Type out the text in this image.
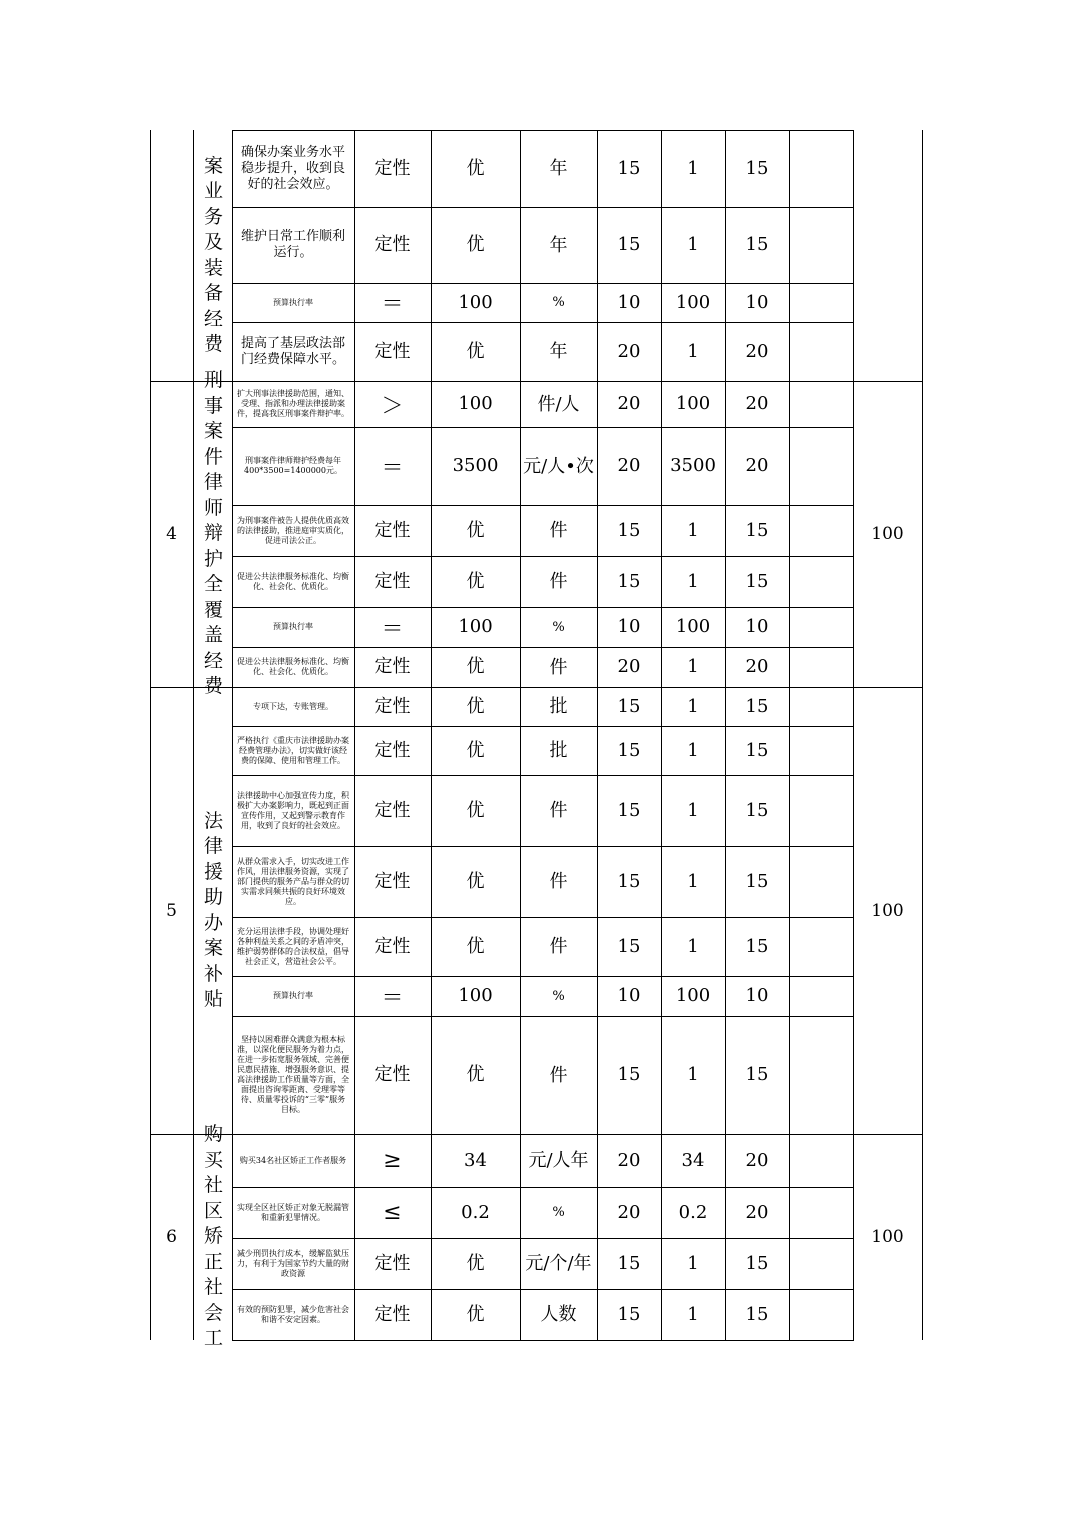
案业务及装备经费
确保办案业务水平稳步提升，收到良好的社会效应。
定性	优	年	15	1	15
维护日常工作顺利运行。	定性	优	年	15	1	15
预算执行率	＝	100	%	10 100 10
提高了基层政法部门经费保障水平。 定性	优	年	20	1	20
4
刑事案件律师辩护全覆盖经费
100
扩大刑事法律援助范围，通知、受理、指派和办理法律援助案件，提高我区刑事案件辩护率。 ＞	100 件/人 20 100 20
刑事案件律师辩护经费每年400*3500=1400000元。	＝	3500 元/人•次 20 3500 20
为刑事案件被告人提供优质高效的法律援助，推进庭审实质化，促进司法公正。	定性	优	件	15	1	15
促进公共法律服务标准化、均衡化、社会化、优质化。	定性	优	件	15	1	15
预算执行率	＝	100	%	10 100 10
促进公共法律服务标准化、均衡化、社会化、优质化。	定性	优	件	20	1	20
5
法律援助办案补贴
100
专项下达，专账管理。 定性	优	批	15	1	15
严格执行《重庆市法律援助办案经费管理办法》，切实做好该经费的保障、使用和管理工作。 定性	优	批	15	1	15
法律援助中心加强宣传力度，积极扩大办案影响力，既起到正面宣传作用，又起到警示教育作用，收到了良好的社会效应。
定性	优	件	15	1	15
从群众需求入手，切实改进工作作风，用法律服务资源，实现了部门提供的服务产品与群众的切实需求同频共振的良好环境效应。
定性	优	件	15	1	15
充分运用法律手段，协调处理好各种利益关系之间的矛盾冲突，维护弱势群体的合法权益，倡导社会正义，营造社会公平。
定性	优	件	15	1	15
预算执行率	＝	100	%	10 100 10
坚持以困难群众满意为根本标准，以深化便民服务为着力点，在进一步拓宽服务领域、完善便民惠民措施、增强服务意识、提高法律援助工作质量等方面，全面提出咨询零距离、受理零等待、质量零投诉的“三零”服务目标。
定性	优	件	15	1	15
6
购买社区矫正社会工
100
购买34名社区矫正工作者服务 ≥	34 元/人年 20 34 20
实现全区社区矫正对象无脱漏管和重新犯罪情况。	≤	0.2	%	20 0.2 20
减少刑罚执行成本，缓解监狱压力，有利于为国家节约大量的财政资源	定性	优 元/个/年 15	1	15
有效的预防犯罪，减少危害社会和谐不安定因素。	定性	优	人数 15	1	15
